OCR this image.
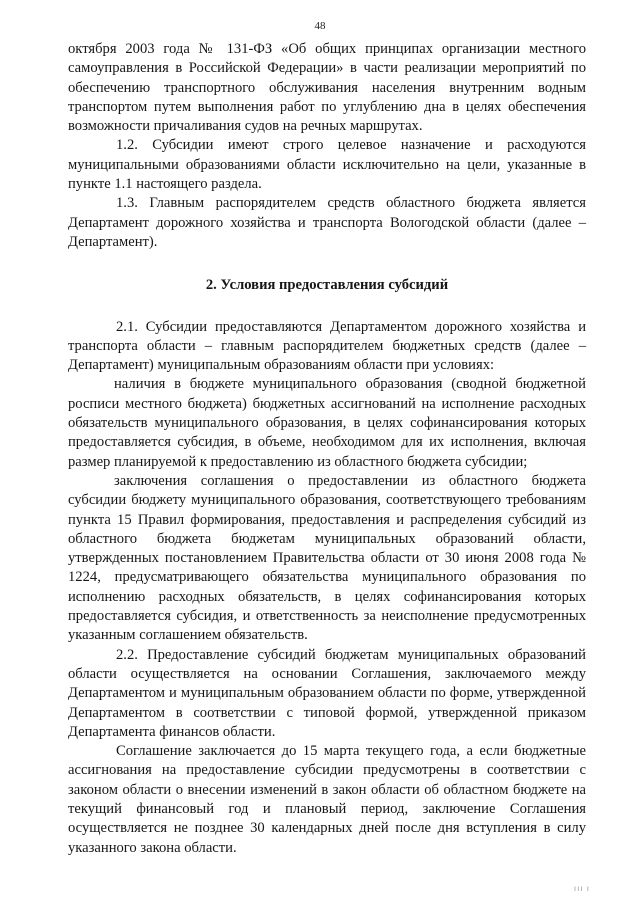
48

октября 2003 года № 131-ФЗ «Об общих принципах организации местного самоуправления в Российской Федерации» в части реализации мероприятий по обеспечению транспортного обслуживания населения внутренним водным транспортом путем выполнения работ по углублению дна в целях обеспечения возможности причаливания судов на речных маршрутах.

1.2. Субсидии имеют строго целевое назначение и расходуются муниципальными образованиями области исключительно на цели, указанные в пункте 1.1 настоящего раздела.

1.3. Главным распорядителем средств областного бюджета является Департамент дорожного хозяйства и транспорта Вологодской области (далее – Департамент).

2. Условия предоставления субсидий

2.1. Субсидии предоставляются Департаментом дорожного хозяйства и транспорта области – главным распорядителем бюджетных средств (далее – Департамент) муниципальным образованиям области при условиях:

наличия в бюджете муниципального образования (сводной бюджетной росписи местного бюджета) бюджетных ассигнований на исполнение расходных обязательств муниципального образования, в целях софинансирования которых предоставляется субсидия, в объеме, необходимом для их исполнения, включая размер планируемой к предоставлению из областного бюджета субсидии;

заключения соглашения о предоставлении из областного бюджета субсидии бюджету муниципального образования, соответствующего требованиям пункта 15 Правил формирования, предоставления и распределения субсидий из областного бюджета бюджетам муниципальных образований области, утвержденных постановлением Правительства области от 30 июня 2008 года № 1224, предусматривающего обязательства муниципального образования по исполнению расходных обязательств, в целях софинансирования которых предоставляется субсидия, и ответственность за неисполнение предусмотренных указанным соглашением обязательств.

2.2. Предоставление субсидий бюджетам муниципальных образований области осуществляется на основании Соглашения, заключаемого между Департаментом и муниципальным образованием области по форме, утвержденной Департаментом в соответствии с типовой формой, утвержденной приказом Департамента финансов области.

Соглашение заключается до 15 марта текущего года, а если бюджетные ассигнования на предоставление субсидии предусмотрены в соответствии с законом области о внесении изменений в закон области об областном бюджете на текущий финансовый год и плановый период, заключение Соглашения осуществляется не позднее 30 календарных дней после дня вступления в силу указанного закона области.

ııı ı
